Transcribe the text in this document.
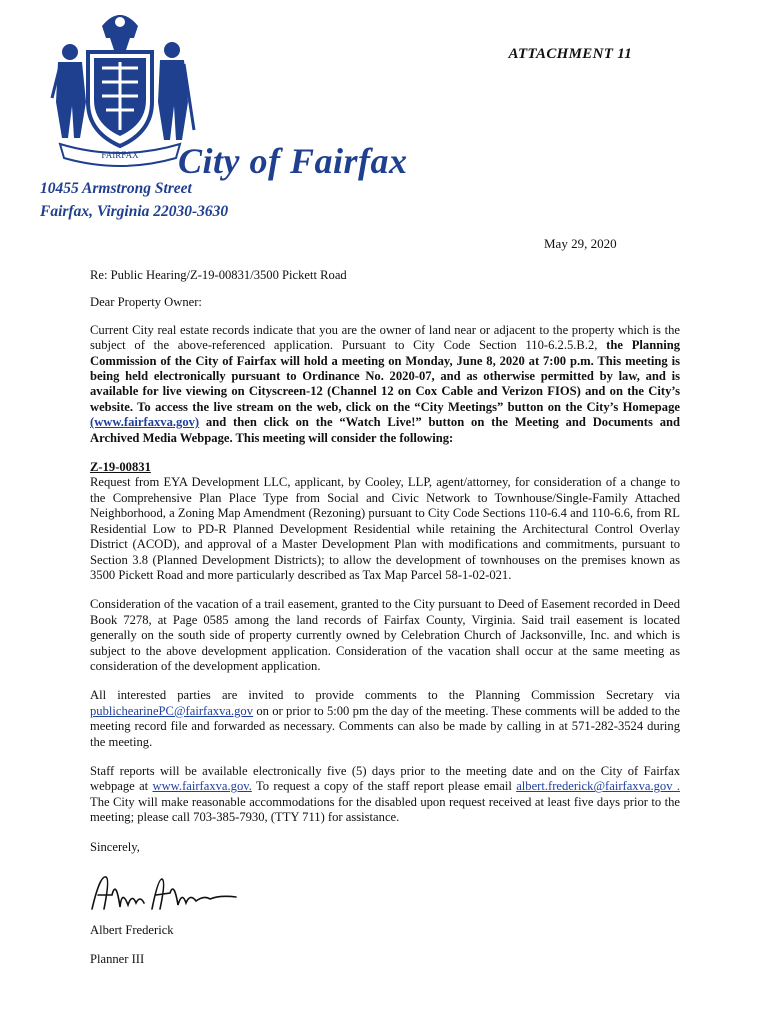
FAIRFAX City of Fairfax
10455 Armstrong Street
Fairfax, Virginia 22030-3630
ATTACHMENT 11
May 29, 2020

Re: Public Hearing/Z-19-00831/3500 Pickett Road

Dear Property Owner:

Current City real estate records indicate that you are the owner of land near or adjacent to the property which is the subject of the above-referenced application. Pursuant to City Code Section 110-6.2.5.B.2, the Planning Commission of the City of Fairfax will hold a meeting on Monday, June 8, 2020 at 7:00 p.m. This meeting is being held electronically pursuant to Ordinance No. 2020-07, and as otherwise permitted by law, and is available for live viewing on Cityscreen-12 (Channel 12 on Cox Cable and Verizon FIOS) and on the City’s website. To access the live stream on the web, click on the “City Meetings” button on the City’s Homepage (www.fairfaxva.gov) and then click on the “Watch Live!” button on the Meeting and Documents and Archived Media Webpage. This meeting will consider the following:

Z-19-00831
Request from EYA Development LLC, applicant, by Cooley, LLP, agent/attorney, for consideration of a change to the Comprehensive Plan Place Type from Social and Civic Network to Townhouse/Single-Family Attached Neighborhood, a Zoning Map Amendment (Rezoning) pursuant to City Code Sections 110-6.4 and 110-6.6, from RL Residential Low to PD-R Planned Development Residential while retaining the Architectural Control Overlay District (ACOD), and approval of a Master Development Plan with modifications and commitments, pursuant to Section 3.8 (Planned Development Districts); to allow the development of townhouses on the premises known as 3500 Pickett Road and more particularly described as Tax Map Parcel 58-1-02-021.

Consideration of the vacation of a trail easement, granted to the City pursuant to Deed of Easement recorded in Deed Book 7278, at Page 0585 among the land records of Fairfax County, Virginia. Said trail easement is located generally on the south side of property currently owned by Celebration Church of Jacksonville, Inc. and which is subject to the above development application. Consideration of the vacation shall occur at the same meeting as consideration of the development application.

All interested parties are invited to provide comments to the Planning Commission Secretary via publichearinePC@fairfaxva.gov on or prior to 5:00 pm the day of the meeting. These comments will be added to the meeting record file and forwarded as necessary. Comments can also be made by calling in at 571-282-3524 during the meeting.

Staff reports will be available electronically five (5) days prior to the meeting date and on the City of Fairfax webpage at www.fairfaxva.gov. To request a copy of the staff report please email albert.frederick@fairfaxva.gov . The City will make reasonable accommodations for the disabled upon request received at least five days prior to the meeting; please call 703-385-7930, (TTY 711) for assistance.

Sincerely,

Albert Frederick

Planner III
